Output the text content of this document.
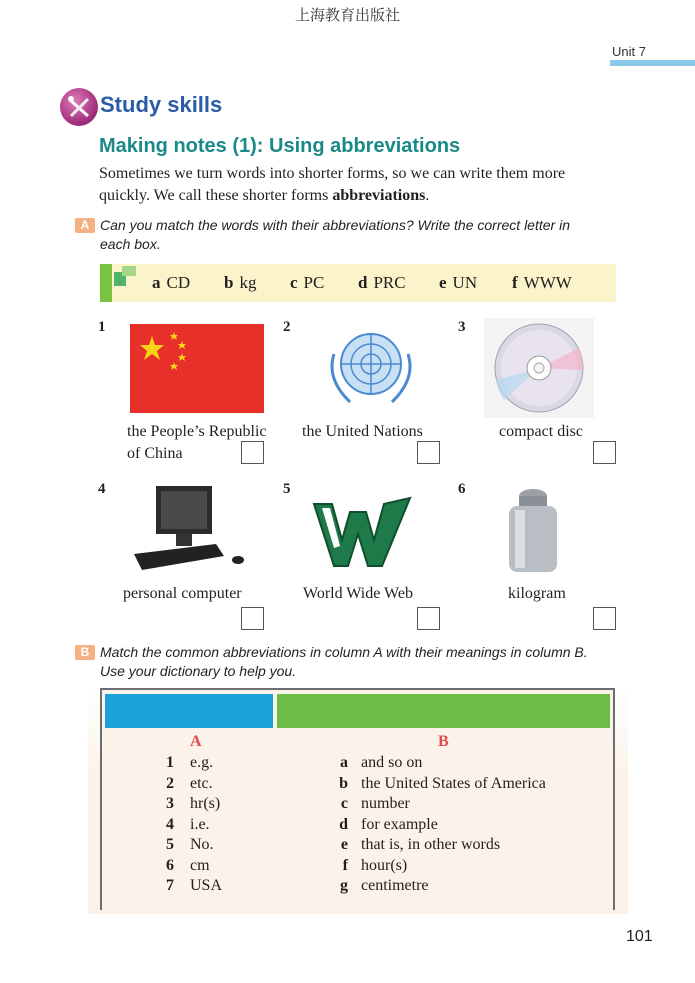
上海教育出版社
Unit 7
Study skills
Making notes (1): Using abbreviations
Sometimes we turn words into shorter forms, so we can write them more quickly. We call these shorter forms abbreviations.
A Can you match the words with their abbreviations? Write the correct letter in each box.
a CD b kg c PC d PRC e UN f WWW
1
the People’s Republic of China
2
the United Nations
3
compact disc
4
personal computer
5
World Wide Web
6
kilogram
B Match the common abbreviations in column A with their meanings in column B. Use your dictionary to help you.
A	B
1 e.g.
2 etc.
3 hr(s)
4 i.e.
5 No.
6 cm
7 USA
a and so on
b the United States of America
c number
d for example
e that is, in other words
f hour(s)
g centimetre
101
